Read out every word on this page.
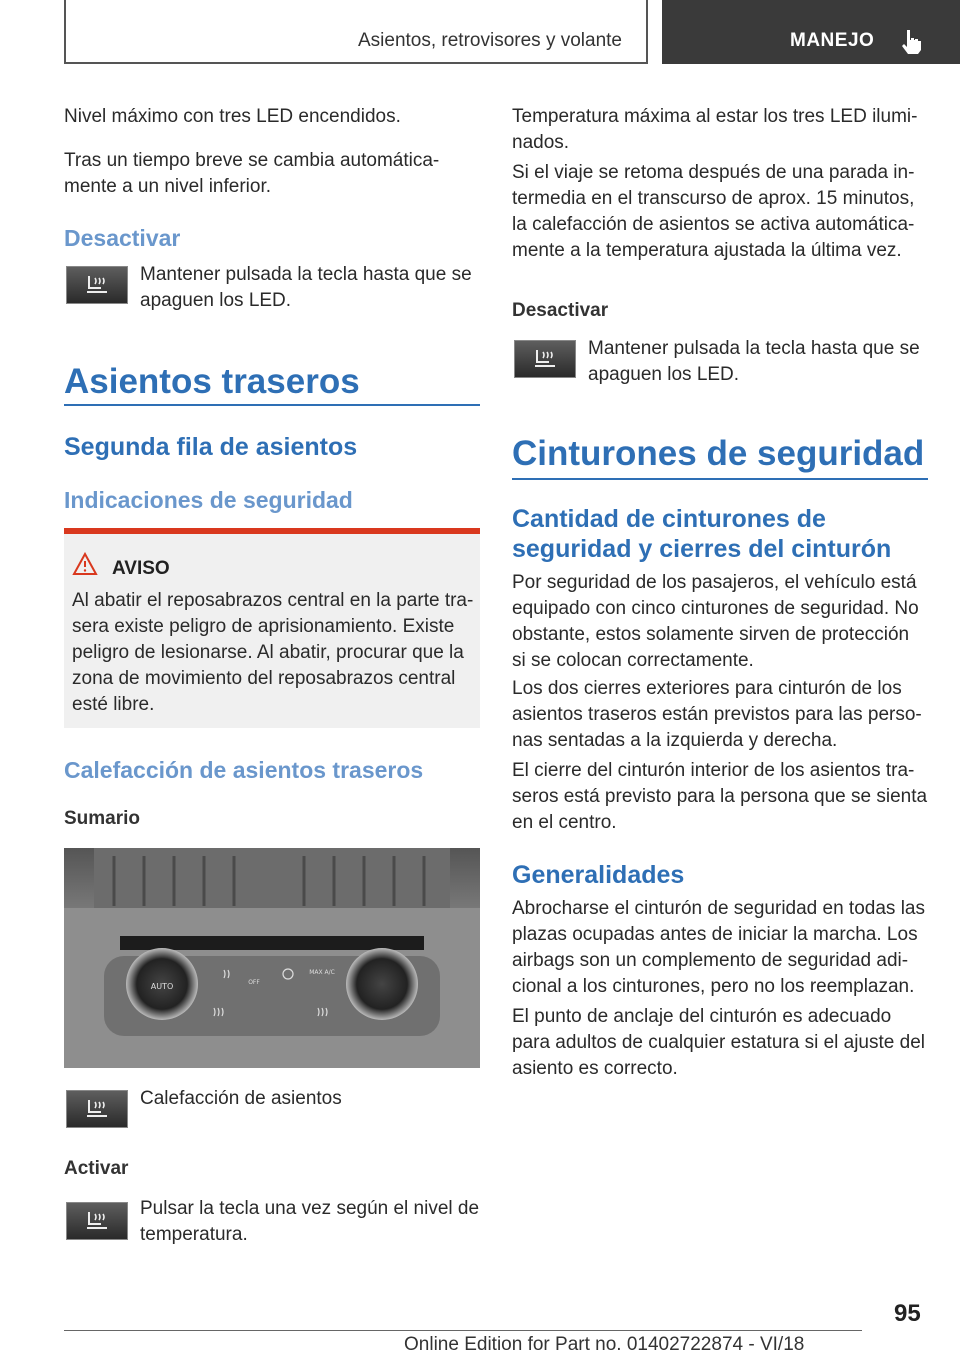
Asientos, retrovisores y volante	MANEJO

Nivel máximo con tres LED encendidos.

Tras un tiempo breve se cambia automática-

mente a un nivel inferior.

Desactivar

Mantener pulsada la tecla hasta que se

apaguen los LED.

Asientos traseros
Segunda fila de asientos
Indicaciones de seguridad
AVISO

Al abatir el reposabrazos central en la parte tra-

sera existe peligro de aprisionamiento. Existe

peligro de lesionarse. Al abatir, procurar que la

zona de movimiento del reposabrazos central

esté libre.

Calefacción de asientos traseros
Sumario
AUTO	OFF
MAX A/C

Calefacción de asientos

Activar

Pulsar la tecla una vez según el nivel de

temperatura.

Temperatura máxima al estar los tres LED ilumi-

nados.

Si el viaje se retoma después de una parada in-

termedia en el transcurso de aprox. 15 minutos,

la calefacción de asientos se activa automática-

mente a la temperatura ajustada la última vez.

Desactivar

Mantener pulsada la tecla hasta que se

apaguen los LED.

Cinturones de seguridad

Cantidad de cinturones de

seguridad y cierres del cinturón

Por seguridad de los pasajeros, el vehículo está

equipado con cinco cinturones de seguridad. No

obstante, estos solamente sirven de protección

si se colocan correctamente.

Los dos cierres exteriores para cinturón de los

asientos traseros están previstos para las perso-

nas sentadas a la izquierda y derecha.

El cierre del cinturón interior de los asientos tra-

seros está previsto para la persona que se sienta

en el centro.

Generalidades

Abrocharse el cinturón de seguridad en todas las

plazas ocupadas antes de iniciar la marcha. Los

airbags son un complemento de seguridad adi-

cional a los cinturones, pero no los reemplazan.

El punto de anclaje del cinturón es adecuado

para adultos de cualquier estatura si el ajuste del

asiento es correcto.

95
Online Edition for Part no. 01402722874 - VI/18
